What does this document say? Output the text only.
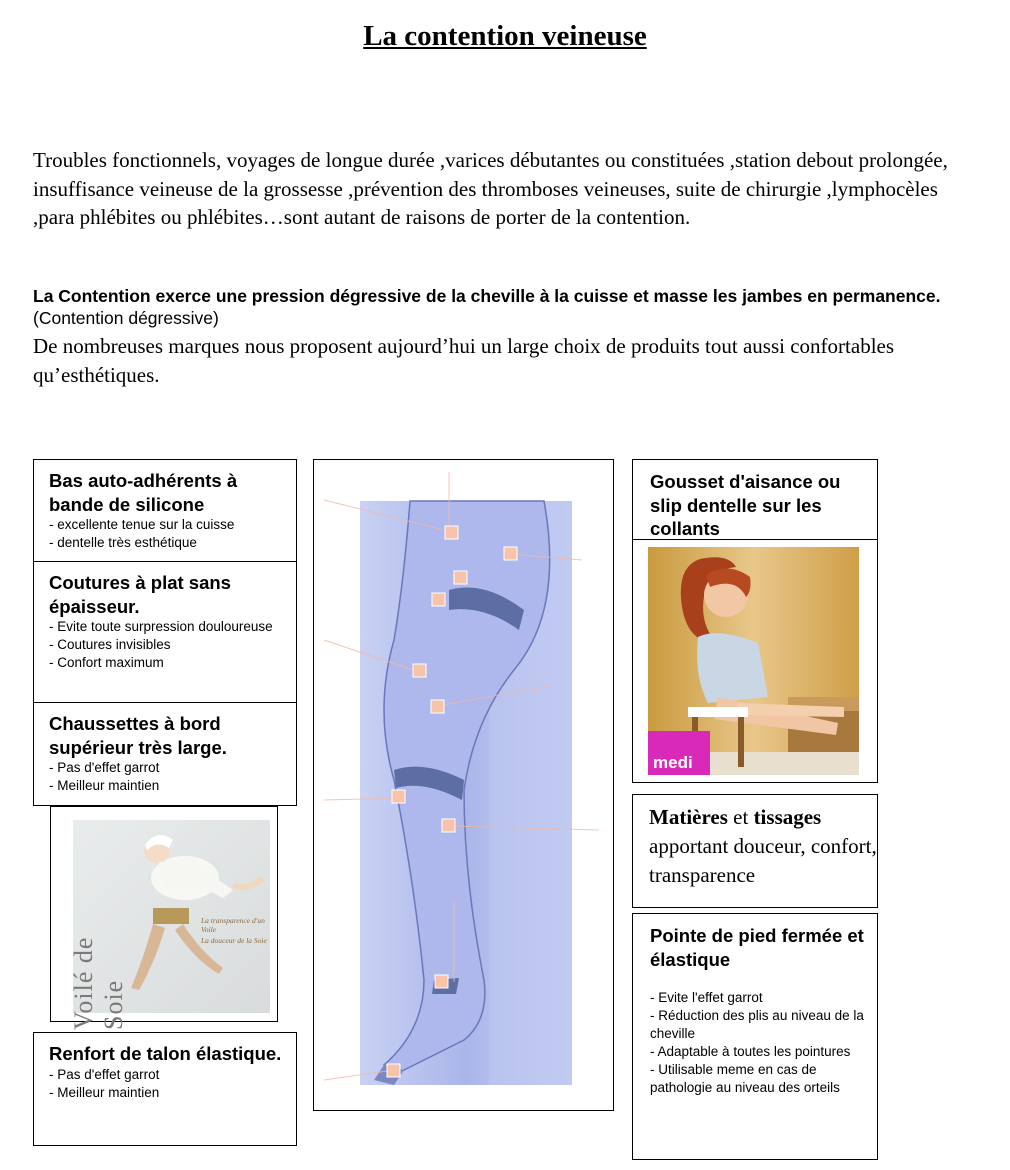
La contention veineuse
Troubles fonctionnels, voyages de longue durée ,varices débutantes ou constituées ,station debout prolongée, insuffisance veineuse de la grossesse ,prévention des thromboses veineuses, suite de chirurgie ,lymphocèles ,para phlébites ou phlébites…sont autant de raisons de porter de la contention.
La Contention exerce une pression dégressive de la cheville à la cuisse et masse les jambes en permanence. (Contention dégressive)
De nombreuses marques nous proposent aujourd’hui un large choix de produits tout aussi confortables qu’esthétiques.
Bas auto-adhérents à bande de silicone
- excellente tenue sur la cuisse
- dentelle très esthétique
Coutures à plat sans épaisseur.
- Evite toute surpression douloureuse
- Coutures invisibles
- Confort maximum
Chaussettes à bord supérieur très large.
- Pas d'effet garrot
- Meilleur maintien
Voilé de Soie
La transparence d'un Voile
La douceur de la Soie
Renfort de talon élastique.
- Pas d'effet garrot
- Meilleur maintien
Gousset d'aisance ou slip dentelle sur les collants
medi
Matières et tissages
apportant douceur, confort, transparence
Pointe de pied fermée et élastique
- Evite l'effet garrot
- Réduction des plis au niveau de la cheville
- Adaptable à toutes les pointures
- Utilisable meme en cas de pathologie au niveau des orteils
